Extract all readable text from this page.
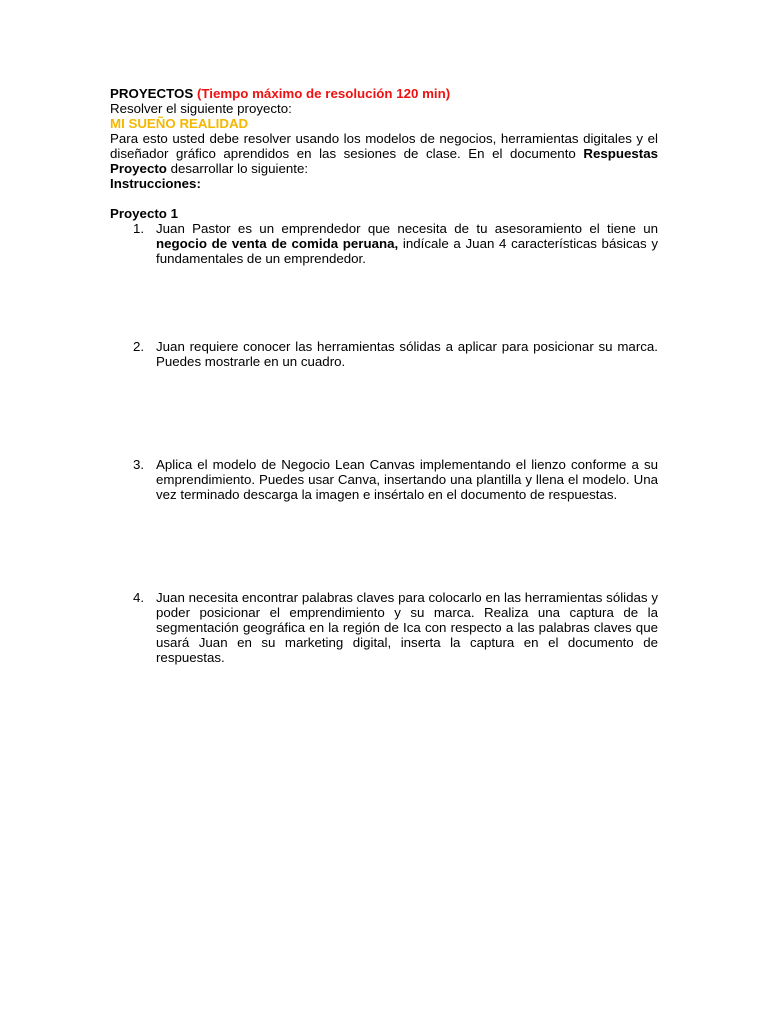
PROYECTOS (Tiempo máximo de resolución 120 min)
Resolver el siguiente proyecto:
MI SUEÑO REALIDAD
Para esto usted debe resolver usando los modelos de negocios, herramientas digitales y el diseñador gráfico aprendidos en las sesiones de clase. En el documento Respuestas Proyecto desarrollar lo siguiente:
Instrucciones:
Proyecto 1
1. Juan Pastor es un emprendedor que necesita de tu asesoramiento el tiene un negocio de venta de comida peruana, indícale a Juan 4 características básicas y fundamentales de un emprendedor.
2. Juan requiere conocer las herramientas sólidas a aplicar para posicionar su marca. Puedes mostrarle en un cuadro.
3. Aplica el modelo de Negocio Lean Canvas implementando el lienzo conforme a su emprendimiento. Puedes usar Canva, insertando una plantilla y llena el modelo. Una vez terminado descarga la imagen e insértalo en el documento de respuestas.
4. Juan necesita encontrar palabras claves para colocarlo en las herramientas sólidas y poder posicionar el emprendimiento y su marca. Realiza una captura de la segmentación geográfica en la región de Ica con respecto a las palabras claves que usará Juan en su marketing digital, inserta la captura en el documento de respuestas.
